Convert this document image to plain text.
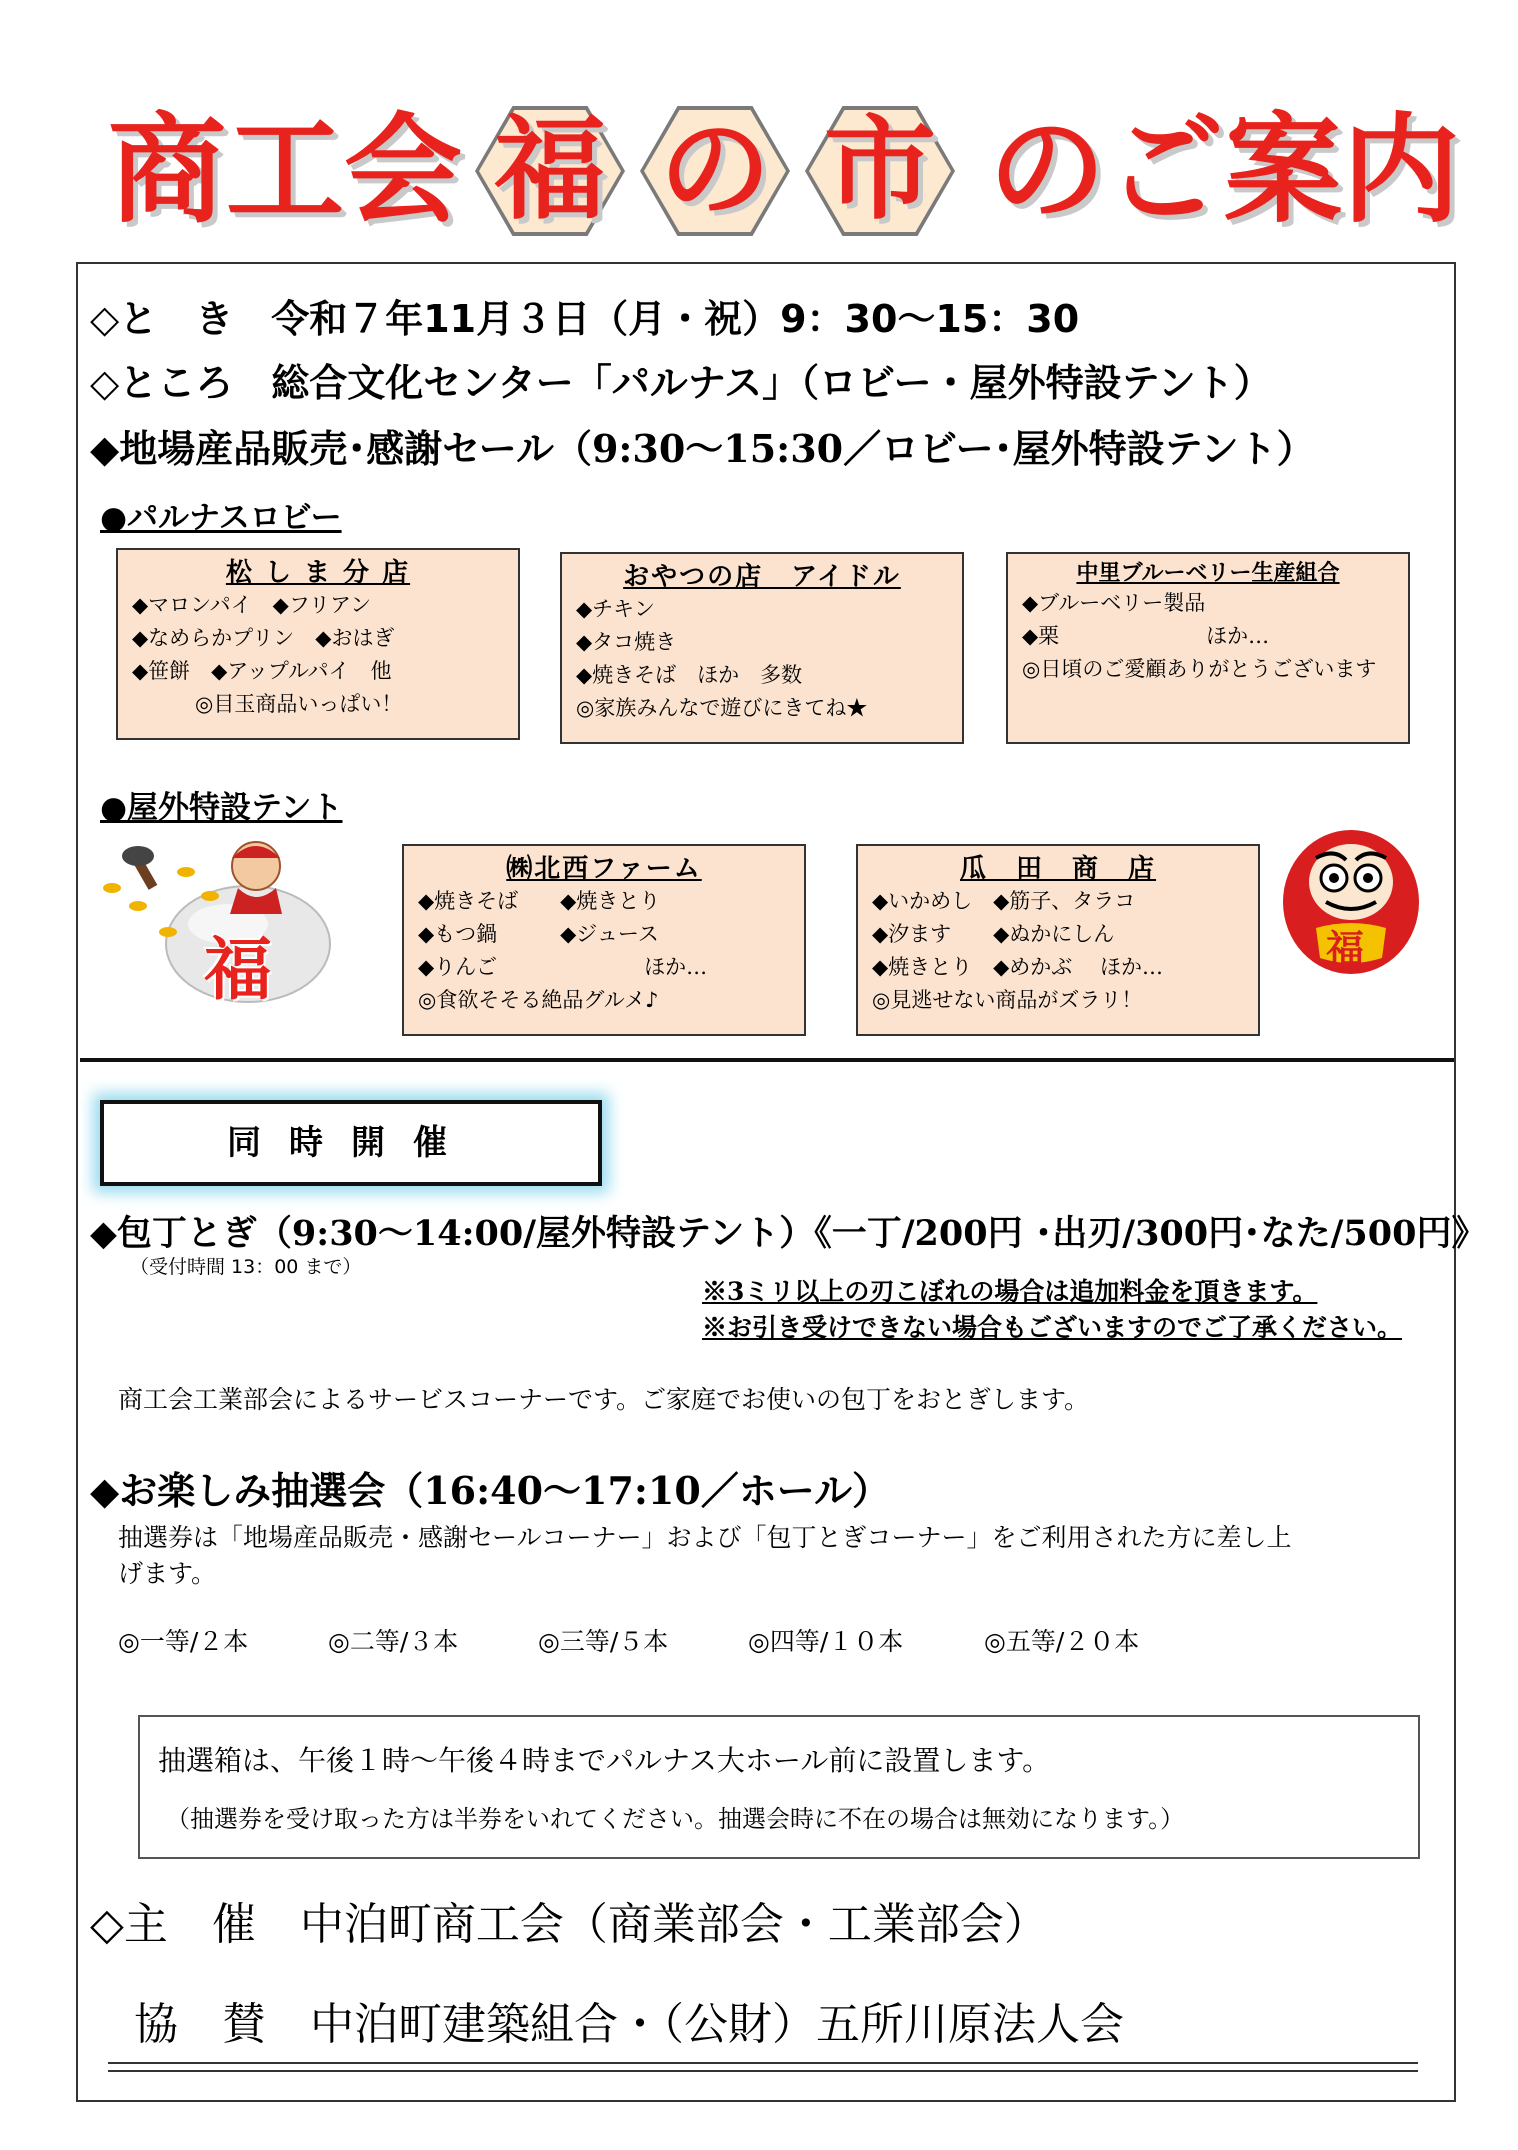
商工会 福 の 市 のご案内
◇と　き　令和７年11月３日（月・祝）9：30〜15：30
◇ところ　総合文化センター「パルナス」（ロビー・屋外特設テント）
◆地場産品販売･感謝セール（9:30～15:30／ロビー･屋外特設テント）
●パルナスロビー
松 し ま 分 店
◆マロンパイ　◆フリアン
◆なめらかプリン　◆おはぎ
◆笹餅　◆アップルパイ　他
　　　◎目玉商品いっぱい！
おやつの店　アイドル
◆チキン
◆タコ焼き
◆焼きそば　ほか　多数
◎家族みんなで遊びにきてね★
中里ブルーベリー生産組合
◆ブルーベリー製品
◆栗　　　　　　　ほか…
◎日頃のご愛顧ありがとうございます
●屋外特設テント
福
㈱北西ファーム
◆焼きそば　　◆焼きとり
◆もつ鍋　　　◆ジュース
◆りんご　　　　　　　ほか…
◎食欲そそる絶品グルメ♪
瓜　田　商　店
◆いかめし　◆筋子、タラコ
◆汐ます　　◆ぬかにしん
◆焼きとり　◆めかぶ　 ほか…
◎見逃せない商品がズラリ！
福
同時開催
◆包丁とぎ（9:30～14:00/屋外特設テント）《一丁/200円 ･出刃/300円･なた/500円》
（受付時間 13：00 まで）
※3ミリ以上の刃こぼれの場合は追加料金を頂きます。
※お引き受けできない場合もございますのでご了承ください。
商工会工業部会によるサービスコーナーです。ご家庭でお使いの包丁をおとぎします。
◆お楽しみ抽選会（16:40～17:10／ホール）
抽選券は「地場産品販売・感謝セールコーナー」および「包丁とぎコーナー」をご利用された方に差し上
げます。
◎一等/２本	◎二等/３本	◎三等/５本	◎四等/１０本	◎五等/２０本
抽選箱は、午後１時〜午後４時までパルナス大ホール前に設置します。
（抽選券を受け取った方は半券をいれてください。抽選会時に不在の場合は無効になります。）
◇主　催　中泊町商工会（商業部会・工業部会）
　協　賛　中泊町建築組合・（公財）五所川原法人会
